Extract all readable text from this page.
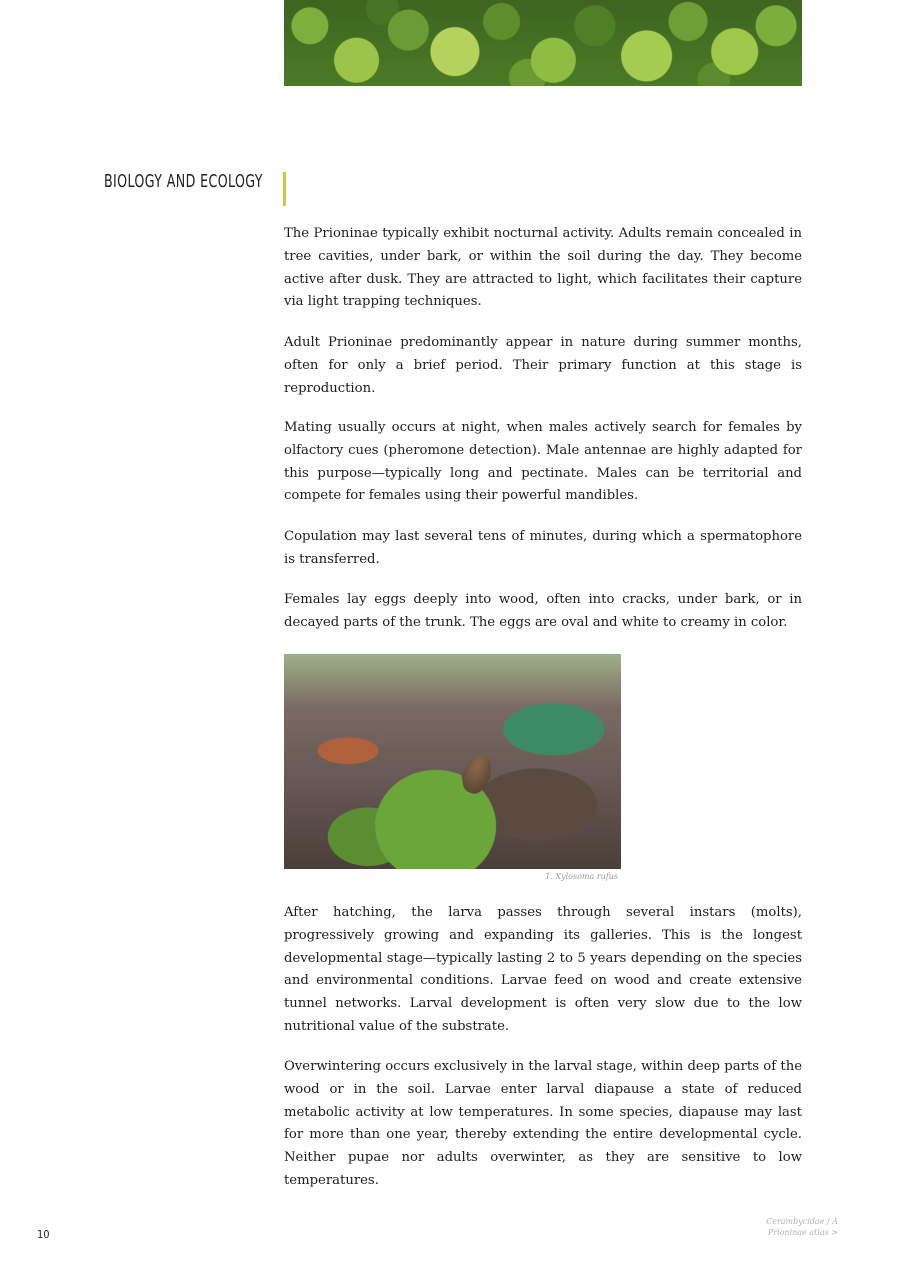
BIOLOGY AND ECOLOGY

The Prioninae typically exhibit nocturnal activity. Adults remain concealed in tree cavities, under bark, or within the soil during the day. They become active after dusk. They are attracted to light, which facilitates their capture via light trapping techniques.

Adult Prioninae predominantly appear in nature during summer months, often for only a brief period. Their primary function at this stage is reproduction.

Mating usually occurs at night, when males actively search for females by olfactory cues (pheromone detection). Male antennae are highly adapted for this purpose—typically long and pectinate. Males can be territorial and compete for females using their powerful mandibles.

Copulation may last several tens of minutes, during which a spermatophore is transferred.

Females lay eggs deeply into wood, often into cracks, under bark, or in decayed parts of the trunk. The eggs are oval and white to creamy in color.

1. Xylosoma rufus

After hatching, the larva passes through several instars (molts), progressively growing and expanding its galleries. This is the longest developmental stage—typically lasting 2 to 5 years depending on the species and environmental conditions. Larvae feed on wood and create extensive tunnel networks. Larval development is often very slow due to the low nutritional value of the substrate.

Overwintering occurs exclusively in the larval stage, within deep parts of the wood or in the soil. Larvae enter larval diapause a state of reduced metabolic activity at low temperatures. In some species, diapause may last for more than one year, thereby extending the entire developmental cycle. Neither pupae nor adults overwinter, as they are sensitive to low temperatures.

10
Cerambycidae / A
Prioninae atlas >
